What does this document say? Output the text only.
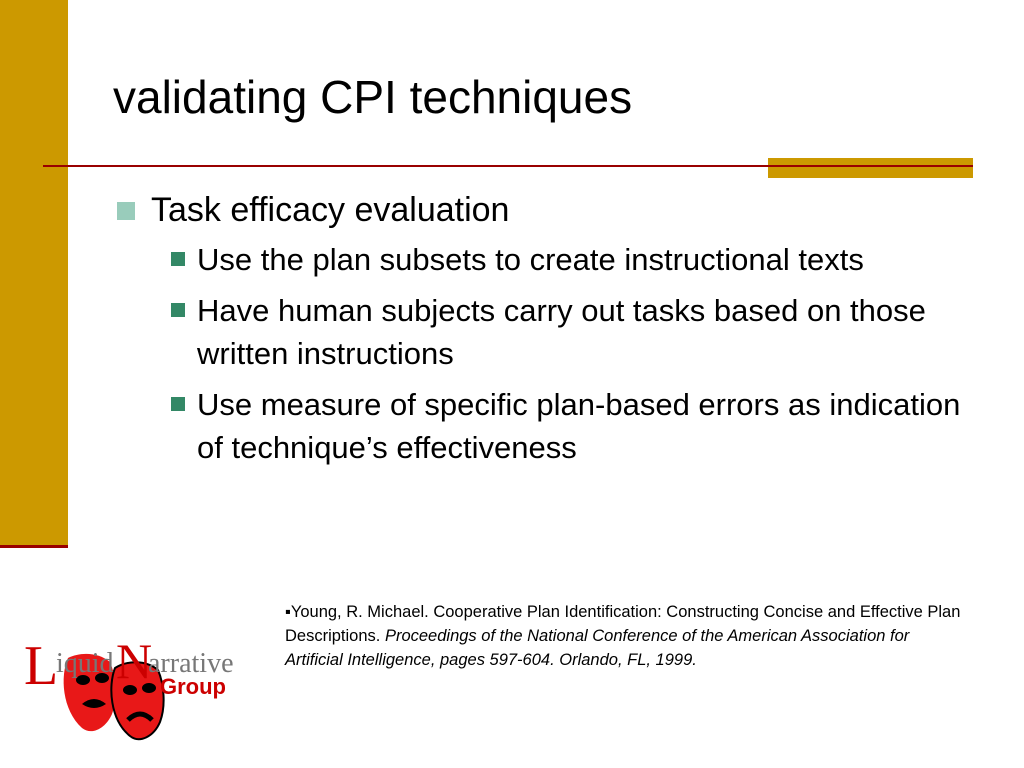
validating CPI techniques
Task efficacy evaluation
Use the plan subsets to create instructional texts
Have human subjects carry out tasks based on those written instructions
Use measure of specific plan-based errors as indication of technique’s effectiveness
L N
iquid arrative
Group
▪Young, R. Michael. Cooperative Plan Identification: Constructing Concise and Effective Plan Descriptions. Proceedings of the National Conference of the American Association for Artificial Intelligence, pages 597-604. Orlando, FL, 1999.
